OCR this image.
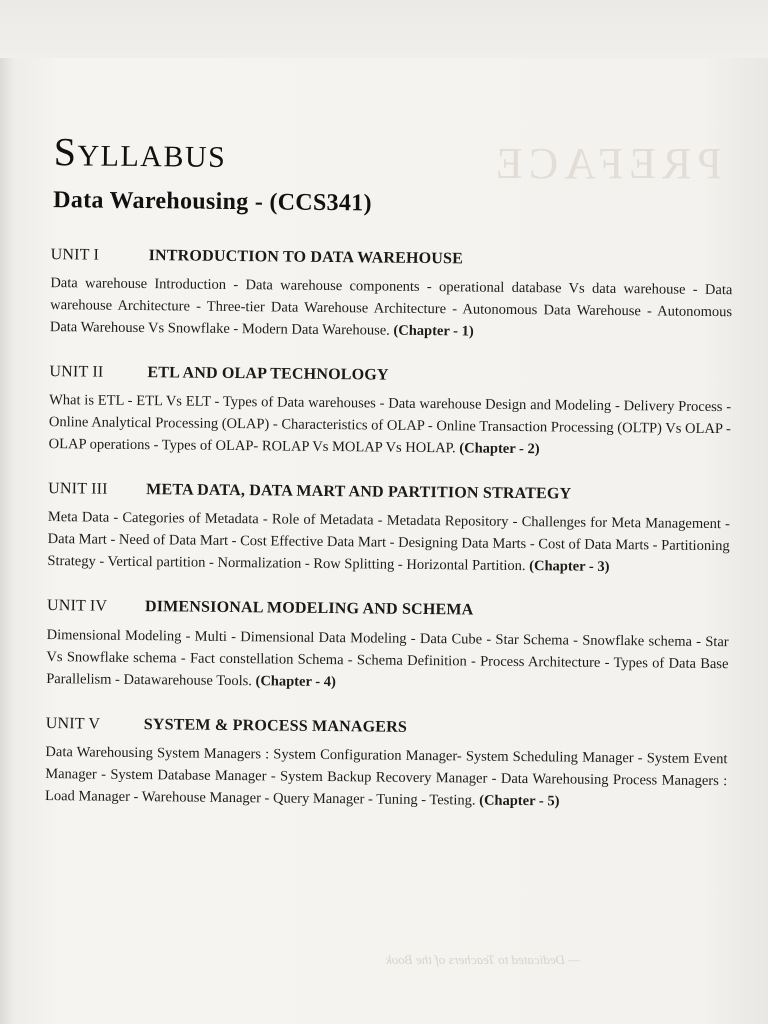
PREFACE
SYLLABUS
Data Warehousing - (CCS341)
UNIT I	INTRODUCTION TO DATA WAREHOUSE

Data warehouse Introduction - Data warehouse components - operational database Vs data warehouse - Data warehouse Architecture - Three-tier Data Warehouse Architecture - Autonomous Data Warehouse - Autonomous Data Warehouse Vs Snowflake - Modern Data Warehouse. (Chapter - 1)

UNIT II	ETL AND OLAP TECHNOLOGY

What is ETL - ETL Vs ELT - Types of Data warehouses - Data warehouse Design and Modeling - Delivery Process - Online Analytical Processing (OLAP) - Characteristics of OLAP - Online Transaction Processing (OLTP) Vs OLAP - OLAP operations - Types of OLAP- ROLAP Vs MOLAP Vs HOLAP. (Chapter - 2)

UNIT III	META DATA, DATA MART AND PARTITION STRATEGY

Meta Data - Categories of Metadata - Role of Metadata - Metadata Repository - Challenges for Meta Management - Data Mart - Need of Data Mart - Cost Effective Data Mart - Designing Data Marts - Cost of Data Marts - Partitioning Strategy - Vertical partition - Normalization - Row Splitting - Horizontal Partition. (Chapter - 3)

UNIT IV	DIMENSIONAL MODELING AND SCHEMA

Dimensional Modeling - Multi - Dimensional Data Modeling - Data Cube - Star Schema - Snowflake schema - Star Vs Snowflake schema - Fact constellation Schema - Schema Definition - Process Architecture - Types of Data Base Parallelism - Datawarehouse Tools. (Chapter - 4)

UNIT V	SYSTEM & PROCESS MANAGERS

Data Warehousing System Managers : System Configuration Manager- System Scheduling Manager - System Event Manager - System Database Manager - System Backup Recovery Manager - Data Warehousing Process Managers : Load Manager - Warehouse Manager - Query Manager - Tuning - Testing. (Chapter - 5)

— Dedicated to Teachers of the Book
